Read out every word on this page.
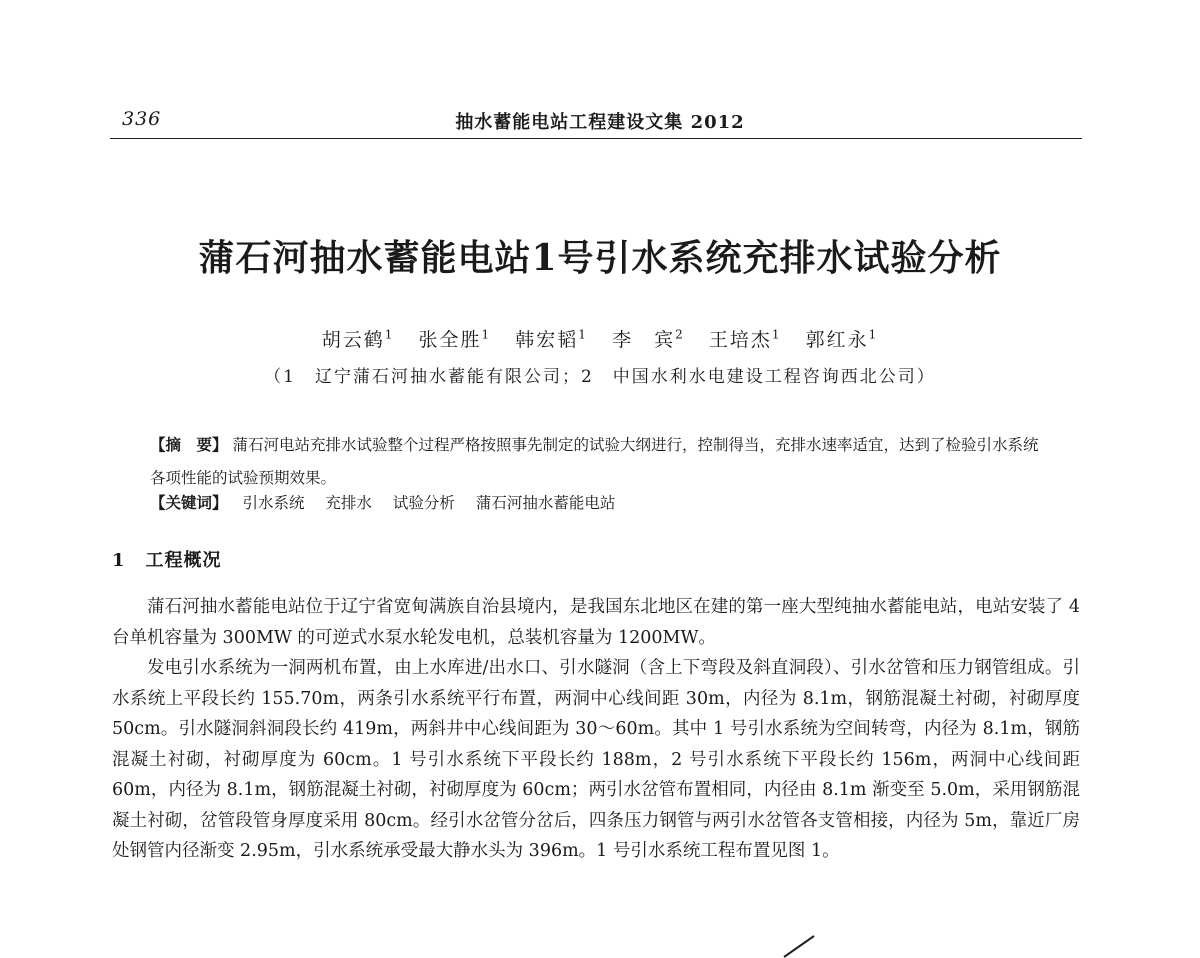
336	抽水蓄能电站工程建设文集 2012
蒲石河抽水蓄能电站1号引水系统充排水试验分析
胡云鹤$^1$ 张全胜$^1$ 韩宏韬$^1$ 李　宾$^2$ 王培杰$^1$ 郭红永$^1$
（1　辽宁蒲石河抽水蓄能有限公司；2　中国水利水电建设工程咨询西北公司）
【摘　要】 蒲石河电站充排水试验整个过程严格按照事先制定的试验大纲进行，控制得当，充排水速率适宜，达到了检验引水系统各项性能的试验预期效果。
【关键词】 引水系统 充排水 试验分析 蒲石河抽水蓄能电站
1 工程概况

蒲石河抽水蓄能电站位于辽宁省宽甸满族自治县境内，是我国东北地区在建的第一座大型纯抽水蓄能电站，电站安装了 4 台单机容量为 300MW 的可逆式水泵水轮发电机，总装机容量为 1200MW。

发电引水系统为一洞两机布置，由上水库进/出水口、引水隧洞（含上下弯段及斜直洞段）、引水岔管和压力钢管组成。引水系统上平段长约 155.70m，两条引水系统平行布置，两洞中心线间距 30m，内径为 8.1m，钢筋混凝土衬砌，衬砌厚度 50cm。引水隧洞斜洞段长约 419m，两斜井中心线间距为 30～60m。其中 1 号引水系统为空间转弯，内径为 8.1m，钢筋混凝土衬砌，衬砌厚度为 60cm。1 号引水系统下平段长约 188m，2 号引水系统下平段长约 156m，两洞中心线间距 60m，内径为 8.1m，钢筋混凝土衬砌，衬砌厚度为 60cm；两引水岔管布置相同，内径由 8.1m 渐变至 5.0m，采用钢筋混凝土衬砌，岔管段管身厚度采用 80cm。经引水岔管分岔后，四条压力钢管与两引水岔管各支管相接，内径为 5m，靠近厂房处钢管内径渐变 2.95m，引水系统承受最大静水头为 396m。1 号引水系统工程布置见图 1。
